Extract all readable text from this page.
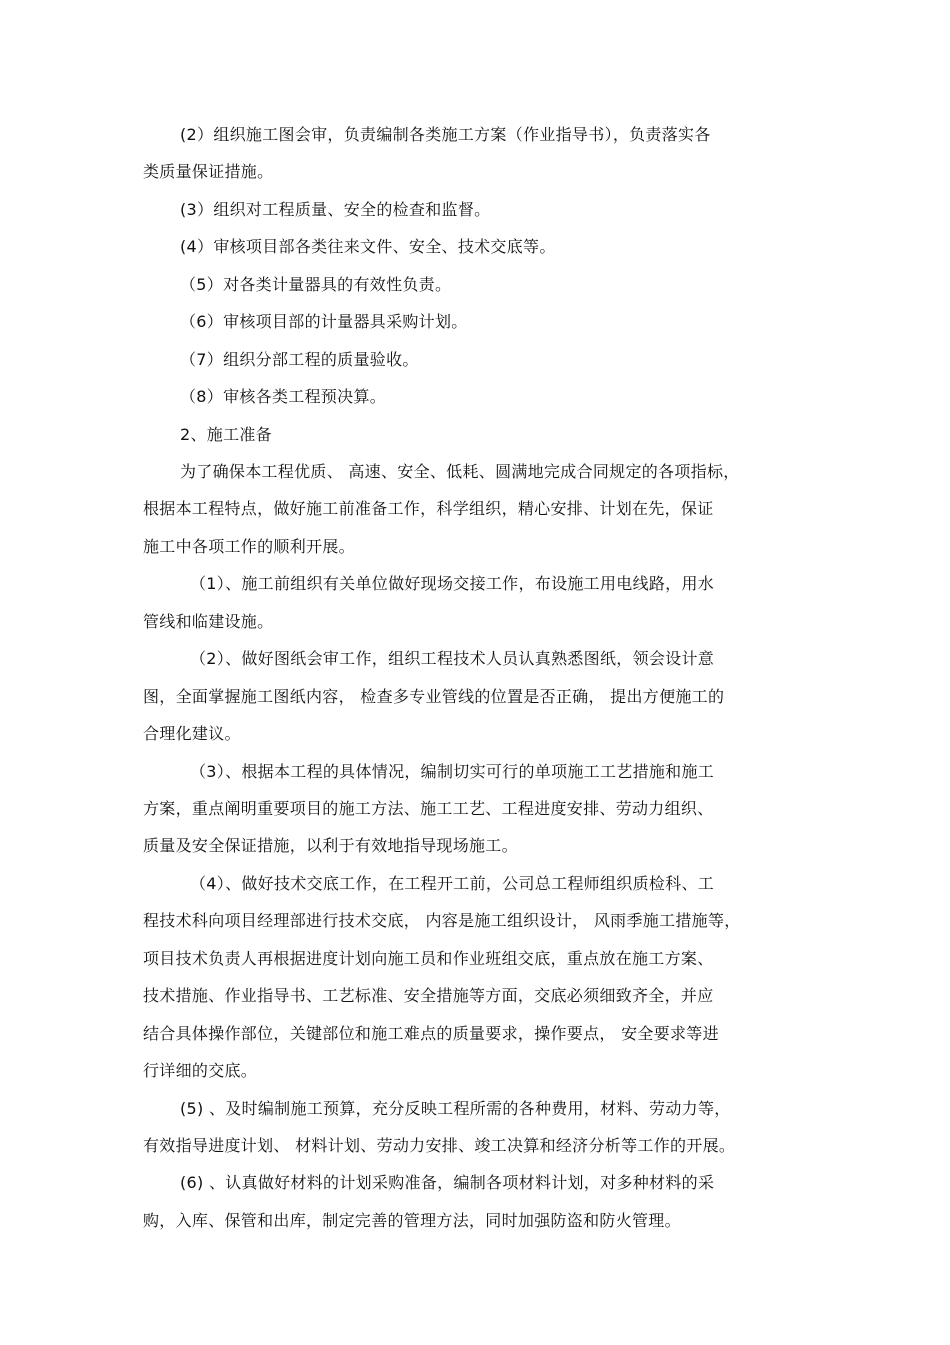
(2）组织施工图会审，负责编制各类施工方案（作业指导书），负责落实各
类质量保证措施。
(3）组织对工程质量、安全的检查和监督。
(4）审核项目部各类往来文件、安全、技术交底等。
（5）对各类计量器具的有效性负责。
（6）审核项目部的计量器具采购计划。
（7）组织分部工程的质量验收。
（8）审核各类工程预决算。
2、施工准备
为了确保本工程优质、 高速、安全、低耗、圆满地完成合同规定的各项指标，
根据本工程特点，做好施工前准备工作，科学组织，精心安排、计划在先，保证
施工中各项工作的顺利开展。
（1）、施工前组织有关单位做好现场交接工作，布设施工用电线路，用水
管线和临建设施。
（2）、做好图纸会审工作，组织工程技术人员认真熟悉图纸，领会设计意
图，全面掌握施工图纸内容， 检查多专业管线的位置是否正确， 提出方便施工的
合理化建议。
（3）、根据本工程的具体情况，编制切实可行的单项施工工艺措施和施工
方案，重点阐明重要项目的施工方法、施工工艺、工程进度安排、劳动力组织、
质量及安全保证措施，以利于有效地指导现场施工。
（4）、做好技术交底工作，在工程开工前，公司总工程师组织质检科、工
程技术科向项目经理部进行技术交底， 内容是施工组织设计， 风雨季施工措施等，
项目技术负责人再根据进度计划向施工员和作业班组交底，重点放在施工方案、
技术措施、作业指导书、工艺标准、安全措施等方面，交底必须细致齐全，并应
结合具体操作部位，关键部位和施工难点的质量要求，操作要点， 安全要求等进
行详细的交底。
(5) 、及时编制施工预算，充分反映工程所需的各种费用，材料、劳动力等，
有效指导进度计划、 材料计划、劳动力安排、竣工决算和经济分析等工作的开展。
(6) 、认真做好材料的计划采购准备，编制各项材料计划，对多种材料的采
购，入库、保管和出库，制定完善的管理方法，同时加强防盗和防火管理。
